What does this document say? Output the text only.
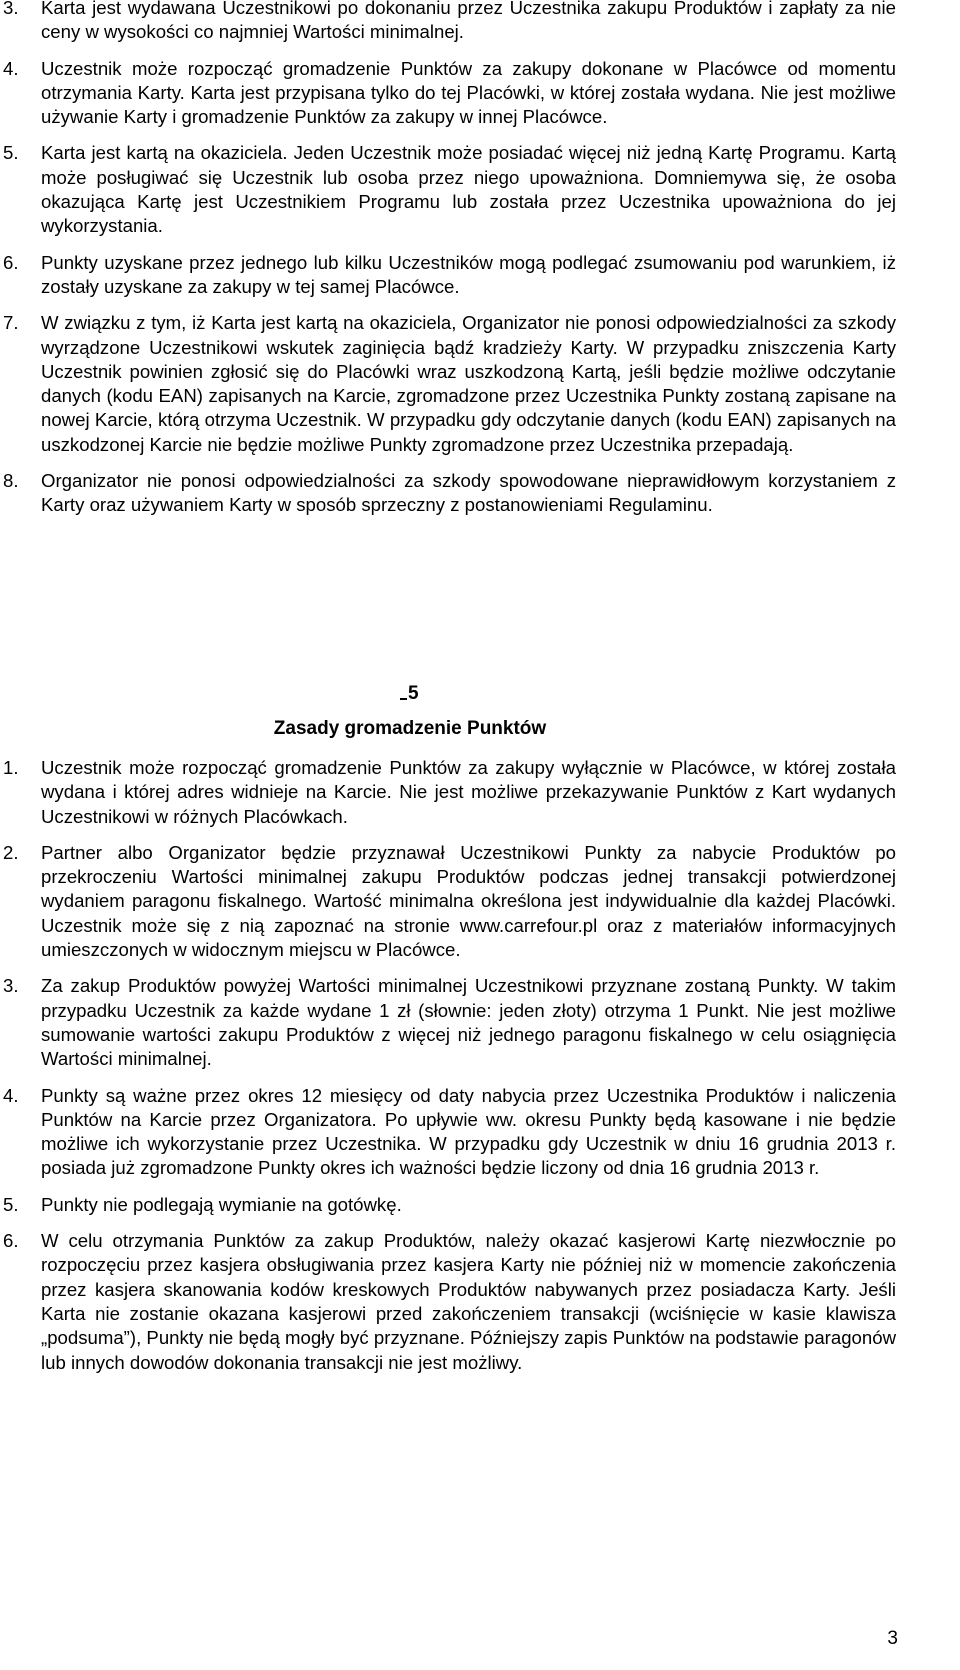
3.	Karta jest wydawana Uczestnikowi po dokonaniu przez Uczestnika zakupu Produktów i zapłaty za nie ceny w wysokości co najmniej Wartości minimalnej.
4.	Uczestnik może rozpocząć gromadzenie Punktów za zakupy dokonane w Placówce od momentu otrzymania Karty. Karta jest przypisana tylko do tej Placówki, w której została wydana. Nie jest możliwe używanie Karty i gromadzenie Punktów za zakupy w innej Placówce.
5.	Karta jest kartą na okaziciela. Jeden Uczestnik może posiadać więcej niż jedną Kartę Programu. Kartą może posługiwać się Uczestnik lub osoba przez niego upoważniona. Domniemywa się, że osoba okazująca Kartę jest Uczestnikiem Programu lub została przez Uczestnika upoważniona do jej wykorzystania.
6.	Punkty uzyskane przez jednego lub kilku Uczestników mogą podlegać zsumowaniu pod warunkiem, iż zostały uzyskane za zakupy w tej samej Placówce.
7.	W związku z tym, iż Karta jest kartą na okaziciela, Organizator nie ponosi odpowiedzialności za szkody wyrządzone Uczestnikowi wskutek zaginięcia bądź kradzieży Karty. W przypadku zniszczenia Karty Uczestnik powinien zgłosić się do Placówki wraz uszkodzoną Kartą, jeśli będzie możliwe odczytanie danych (kodu EAN) zapisanych na Karcie, zgromadzone przez Uczestnika Punkty zostaną zapisane na nowej Karcie, którą otrzyma Uczestnik. W przypadku gdy odczytanie danych (kodu EAN) zapisanych na uszkodzonej Karcie nie będzie możliwe Punkty zgromadzone przez Uczestnika przepadają.
8.	Organizator nie ponosi odpowiedzialności za szkody spowodowane nieprawidłowym korzystaniem z Karty oraz używaniem Karty w sposób sprzeczny z postanowieniami Regulaminu.
5
Zasady gromadzenie Punktów
1.	Uczestnik może rozpocząć gromadzenie Punktów za zakupy wyłącznie w Placówce, w której została wydana i której adres widnieje na Karcie. Nie jest możliwe przekazywanie Punktów z Kart wydanych Uczestnikowi w różnych Placówkach.
2.	Partner albo Organizator będzie przyznawał Uczestnikowi Punkty za nabycie Produktów po przekroczeniu Wartości minimalnej zakupu Produktów podczas jednej transakcji potwierdzonej wydaniem paragonu fiskalnego. Wartość minimalna określona jest indywidualnie dla każdej Placówki. Uczestnik może się z nią zapoznać na stronie www.carrefour.pl oraz z materiałów informacyjnych umieszczonych w widocznym miejscu w Placówce.
3.	Za zakup Produktów powyżej Wartości minimalnej Uczestnikowi przyznane zostaną Punkty. W takim przypadku Uczestnik za każde wydane 1 zł (słownie: jeden złoty) otrzyma 1 Punkt. Nie jest możliwe sumowanie wartości zakupu Produktów z więcej niż jednego paragonu fiskalnego w celu osiągnięcia Wartości minimalnej.
4.	Punkty są ważne przez okres 12 miesięcy od daty nabycia przez Uczestnika Produktów i naliczenia Punktów na Karcie przez Organizatora. Po upływie ww. okresu Punkty będą kasowane i nie będzie możliwe ich wykorzystanie przez Uczestnika. W przypadku gdy Uczestnik w dniu 16 grudnia 2013 r. posiada już zgromadzone Punkty okres ich ważności będzie liczony od dnia 16 grudnia 2013 r.
5.	Punkty nie podlegają wymianie na gotówkę.
6.	W celu otrzymania Punktów za zakup Produktów, należy okazać kasjerowi Kartę niezwłocznie po rozpoczęciu przez kasjera obsługiwania przez kasjera Karty nie później niż w momencie zakończenia przez kasjera skanowania kodów kreskowych Produktów nabywanych przez posiadacza Karty. Jeśli Karta nie zostanie okazana kasjerowi przed zakończeniem transakcji (wciśnięcie w kasie klawisza „podsuma”), Punkty nie będą mogły być przyznane. Późniejszy zapis Punktów na podstawie paragonów lub innych dowodów dokonania transakcji nie jest możliwy.
3
